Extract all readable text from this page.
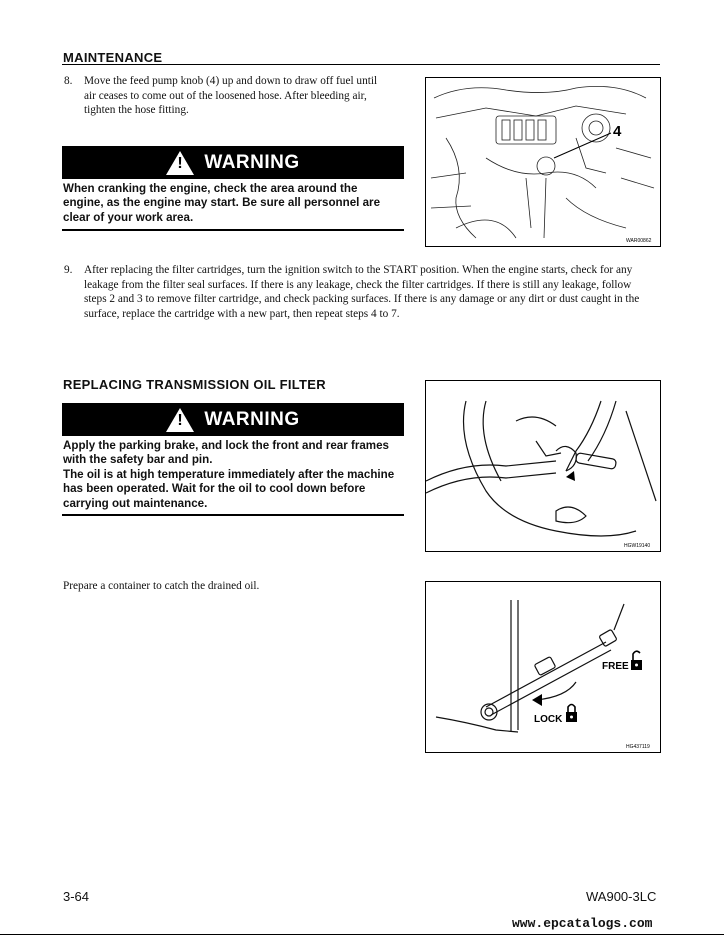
MAINTENANCE
8. Move the feed pump knob (4) up and down to draw off fuel until
air ceases to come out of the loosened hose. After bleeding air,
tighten the hose fitting.
! WARNING
When cranking the engine, check the area around the
engine, as the engine may start. Be sure all personnel are
clear of your work area.
4
WAR00862
9. After replacing the filter cartridges, turn the ignition switch to the START position. When the engine starts, check for any
leakage from the filter seal surfaces. If there is any leakage, check the filter cartridges. If there is still any leakage, follow
steps 2 and 3 to remove filter cartridge, and check packing surfaces. If there is any damage or any dirt or dust caught in the
surface, replace the cartridge with a new part, then repeat steps 4 to 7.
REPLACING TRANSMISSION OIL FILTER
! WARNING
Apply the parking brake, and lock the front and rear frames
with the safety bar and pin.
The oil is at high temperature immediately after the machine
has been operated. Wait for the oil to cool down before
carrying out maintenance.
HGW19140
Prepare a container to catch the drained oil.
FREE
LOCK
HG437119
3-64	WA900-3LC
www.epcatalogs.com
